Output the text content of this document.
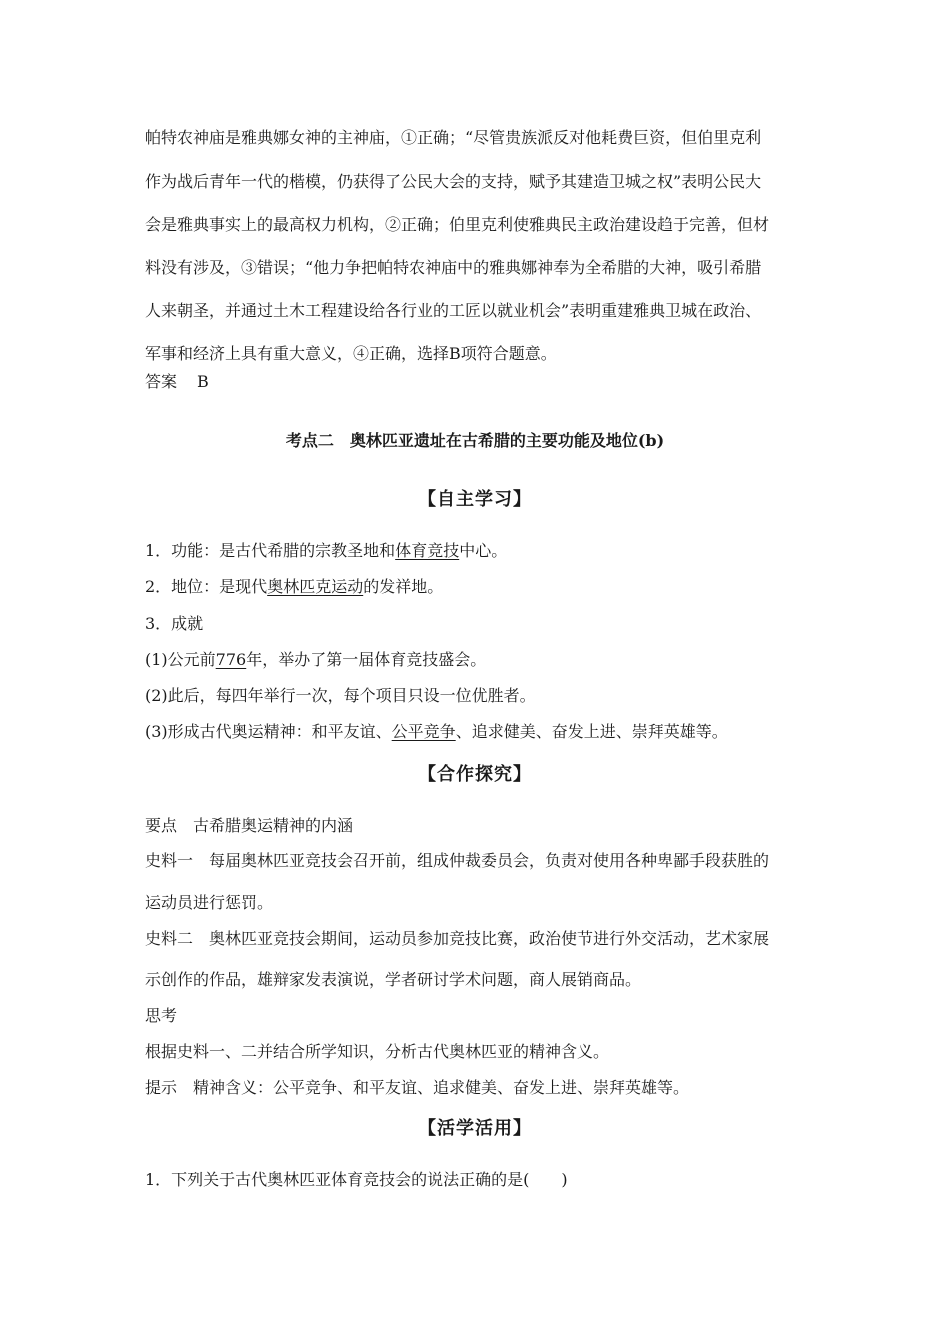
帕特农神庙是雅典娜女神的主神庙，①正确；“尽管贵族派反对他耗费巨资，但伯里克利
作为战后青年一代的楷模，仍获得了公民大会的支持，赋予其建造卫城之权”表明公民大
会是雅典事实上的最高权力机构，②正确；伯里克利使雅典民主政治建设趋于完善，但材
料没有涉及，③错误；“他力争把帕特农神庙中的雅典娜神奉为全希腊的大神，吸引希腊
人来朝圣，并通过土木工程建设给各行业的工匠以就业机会”表明重建雅典卫城在政治、
军事和经济上具有重大意义，④正确，选择B项符合题意。
答案 B
考点二　奥林匹亚遗址在古希腊的主要功能及地位(b)
【自主学习】
1．功能：是古代希腊的宗教圣地和体育竞技中心。
2．地位：是现代奥林匹克运动的发祥地。
3．成就
(1)公元前776年，举办了第一届体育竞技盛会。
(2)此后，每四年举行一次，每个项目只设一位优胜者。
(3)形成古代奥运精神：和平友谊、公平竞争、追求健美、奋发上进、崇拜英雄等。
【合作探究】
要点　古希腊奥运精神的内涵
史料一　每届奥林匹亚竞技会召开前，组成仲裁委员会，负责对使用各种卑鄙手段获胜的
运动员进行惩罚。
史料二　奥林匹亚竞技会期间，运动员参加竞技比赛，政治使节进行外交活动，艺术家展
示创作的作品，雄辩家发表演说，学者研讨学术问题，商人展销商品。
思考
根据史料一、二并结合所学知识，分析古代奥林匹亚的精神含义。
提示　精神含义：公平竞争、和平友谊、追求健美、奋发上进、崇拜英雄等。
【活学活用】
1．下列关于古代奥林匹亚体育竞技会的说法正确的是(　　)
